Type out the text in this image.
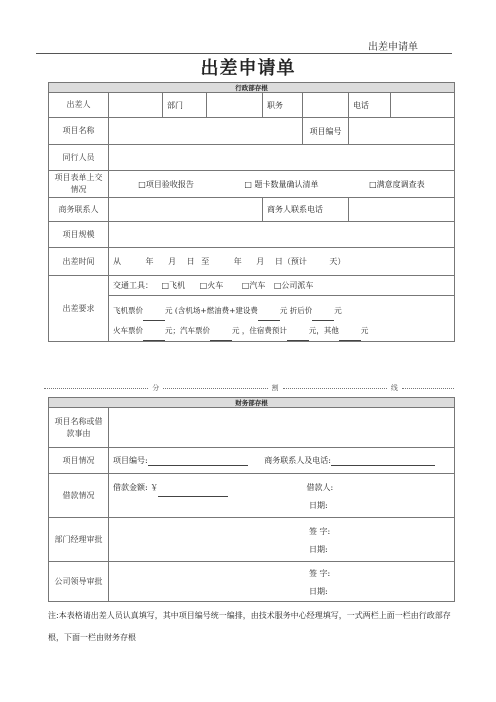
出差申请单
出差申请单
行政部存根							
出差人		部门		职务		电话	
项目名称					项目编号		
同行人员							
项目表单上交情况	□项目验收报告 □ 题卡数量确认清单 □满意度调查表						

商务联系人				商务人联系电话			
项目规模							
出差时间	从 年 月 日 至 年 月 日（预计 天）						
出差要求	交通工具： □飞机 □火车 □汽车 □公司派车
飞机票价 元 (含机场+燃油费+建设费 元 折后价 元
火车票价 元；汽车票价 元 ，住宿费预计 元，其他 元						
分	割	线
财务部存根	
项目名称或借款事由	
项目情况	项目编号: 商务联系人及电话:
借款情况	借款金额: ￥ 借款人:
日期:

部门经理审批	签 字:
日期:

公司领导审批	签 字:
日期:
注:本表格请出差人员认真填写，其中项目编号统一编排，由技术服务中心经理填写，一式两栏上面一栏由行政部存根，下面一栏由财务存根
